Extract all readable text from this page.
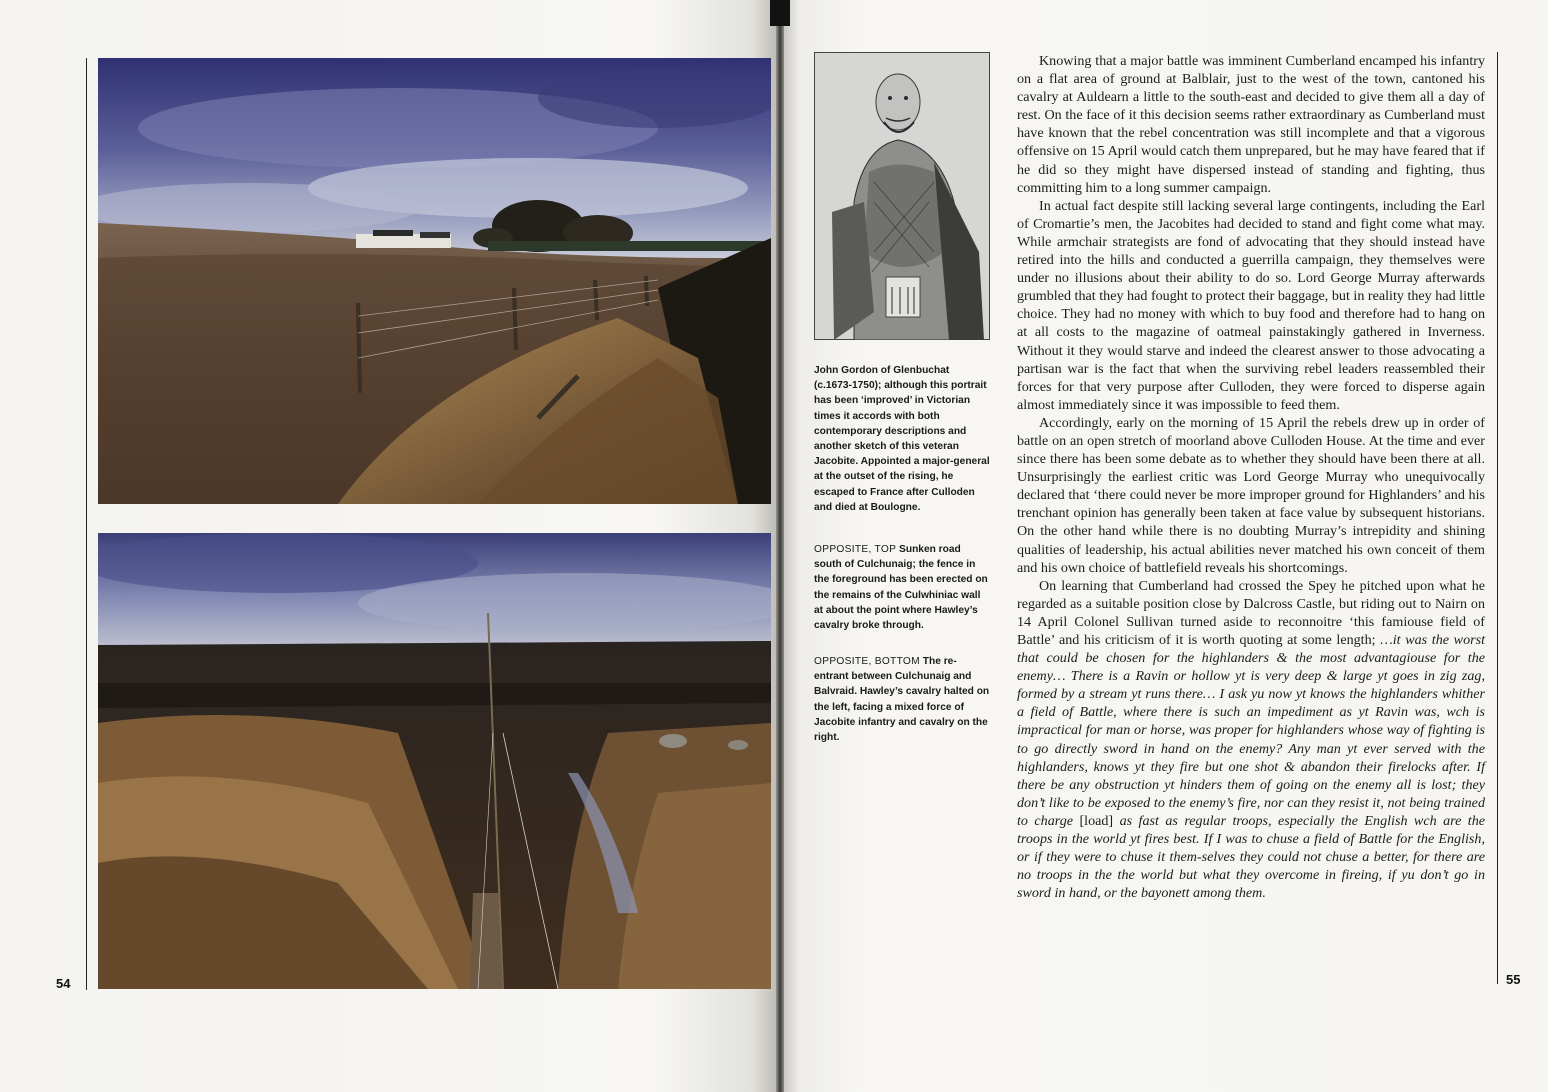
54
John Gordon of Glenbuchat (c.1673-1750); although this portrait has been ‘improved’ in Victorian times it accords with both contemporary descriptions and another sketch of this veteran Jacobite. Appointed a major-general at the outset of the rising, he escaped to France after Culloden and died at Boulogne.
OPPOSITE, TOP Sunken road south of Culchunaig; the fence in the foreground has been erected on the remains of the Culwhiniac wall at about the point where Hawley’s cavalry broke through.
OPPOSITE, BOTTOM The re-entrant between Culchunaig and Balvraid. Hawley’s cavalry halted on the left, facing a mixed force of Jacobite infantry and cavalry on the right.

Knowing that a major battle was imminent Cumberland encamped his infantry on a flat area of ground at Balblair, just to the west of the town, cantoned his cavalry at Auldearn a little to the south-east and decided to give them all a day of rest. On the face of it this decision seems rather extraordinary as Cumberland must have known that the rebel concentration was still incomplete and that a vigorous offensive on 15 April would catch them unprepared, but he may have feared that if he did so they might have dispersed instead of standing and fighting, thus committing him to a long summer campaign.

In actual fact despite still lacking several large contingents, including the Earl of Cromartie’s men, the Jacobites had decided to stand and fight come what may. While armchair strategists are fond of advocating that they should instead have retired into the hills and conducted a guerrilla campaign, they themselves were under no illusions about their ability to do so. Lord George Murray afterwards grumbled that they had fought to protect their baggage, but in reality they had little choice. They had no money with which to buy food and therefore had to hang on at all costs to the magazine of oatmeal painstakingly gathered in Inverness. Without it they would starve and indeed the clearest answer to those advocating a partisan war is the fact that when the surviving rebel leaders reassembled their forces for that very purpose after Culloden, they were forced to disperse again almost immediately since it was impossible to feed them.

Accordingly, early on the morning of 15 April the rebels drew up in order of battle on an open stretch of moorland above Culloden House. At the time and ever since there has been some debate as to whether they should have been there at all. Unsurprisingly the earliest critic was Lord George Murray who unequivocally declared that ‘there could never be more improper ground for Highlanders’ and his trenchant opinion has generally been taken at face value by subsequent historians. On the other hand while there is no doubting Murray’s intrepidity and shining qualities of leadership, his actual abilities never matched his own conceit of them and his own choice of battlefield reveals his shortcomings.

On learning that Cumberland had crossed the Spey he pitched upon what he regarded as a suitable position close by Dalcross Castle, but riding out to Nairn on 14 April Colonel Sullivan turned aside to reconnoitre ‘this famiouse field of Battle’ and his criticism of it is worth quoting at some length; …it was the worst that could be chosen for the highlanders & the most advantagiouse for the enemy… There is a Ravin or hollow yt is very deep & large yt goes in zig zag, formed by a stream yt runs there… I ask yu now yt knows the highlanders whither a field of Battle, where there is such an impediment as yt Ravin was, wch is impractical for man or horse, was proper for highlanders whose way of fighting is to go directly sword in hand on the enemy? Any man yt ever served with the highlanders, knows yt they fire but one shot & abandon their firelocks after. If there be any obstruction yt hinders them of going on the enemy all is lost; they don’t like to be exposed to the enemy’s fire, nor can they resist it, not being trained to charge [load] as fast as regular troops, especially the English wch are the troops in the world yt fires best. If I was to chuse a field of Battle for the English, or if they were to chuse it them-selves they could not chuse a better, for there are no troops in the the world but what they overcome in fireing, if yu don’t go in sword in hand, or the bayonett among them.

55
